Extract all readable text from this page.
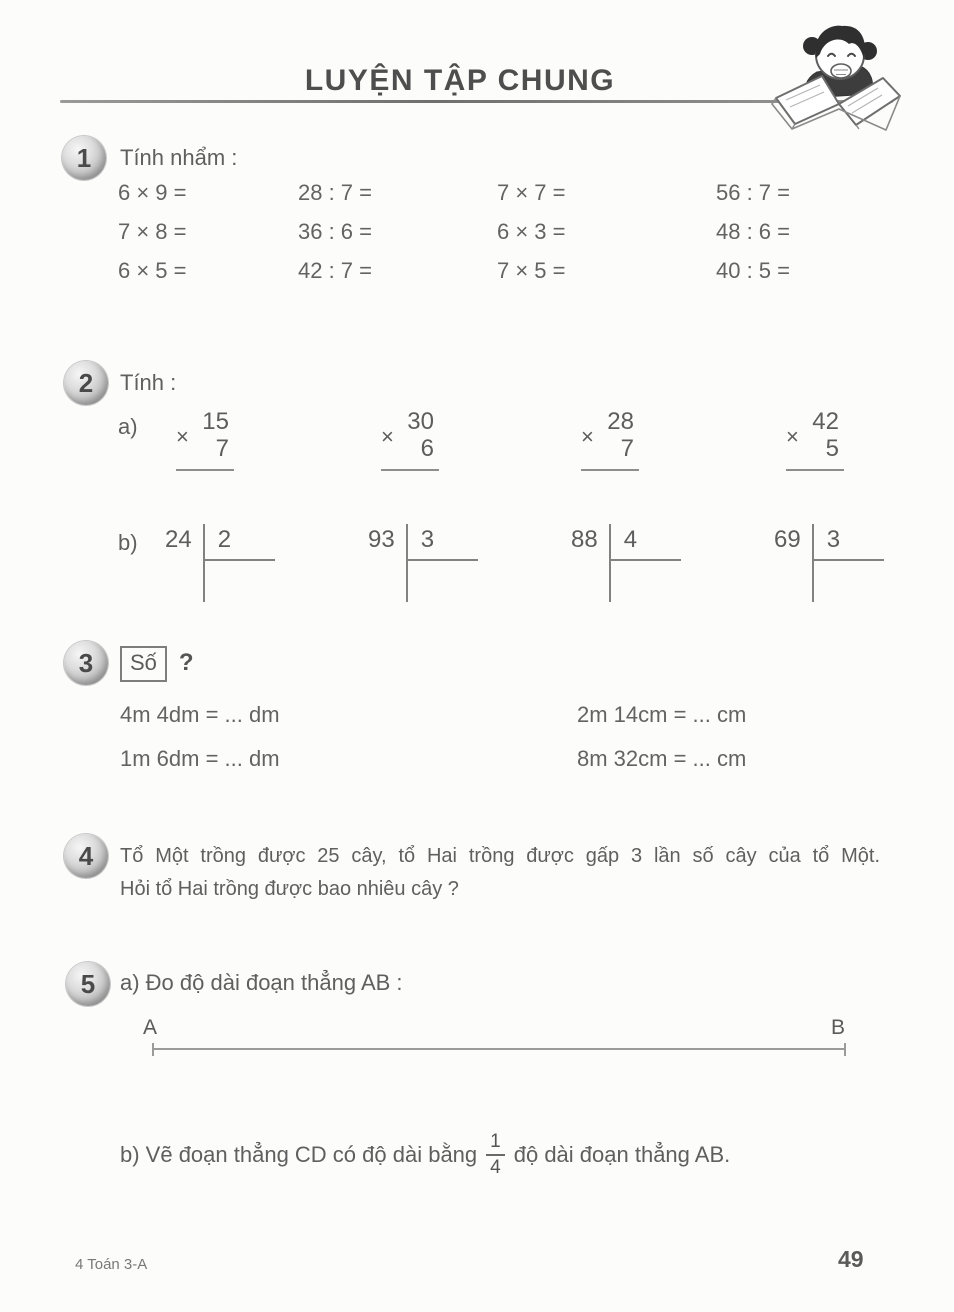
LUYỆN TẬP CHUNG
1	Tính nhẩm :
6 × 9 =	28 : 7 =	7 × 7 =	56 : 7 =
7 × 8 =	36 : 6 =	6 × 3 =	48 : 6 =
6 × 5 =	42 : 7 =	7 × 5 =	40 : 5 =
2	Tính :
a)	15
× 7
30
× 6
28
× 7
42
× 5
b) 24	2	93	3	88	4	69	3
3	Số ?
4m 4dm = ... dm	2m 14cm = ... cm
1m 6dm = ... dm	8m 32cm = ... cm
4	Tổ Một trồng được 25 cây, tổ Hai trồng được gấp 3 lần số cây của tổ Một.
Hỏi tổ Hai trồng được bao nhiêu cây ?
5	a) Đo độ dài đoạn thẳng AB :
A	B
b) Vẽ đoạn thẳng CD có độ dài bằng $\frac{1}{4}$ độ dài đoạn thẳng AB.
4 Toán 3-A	49
